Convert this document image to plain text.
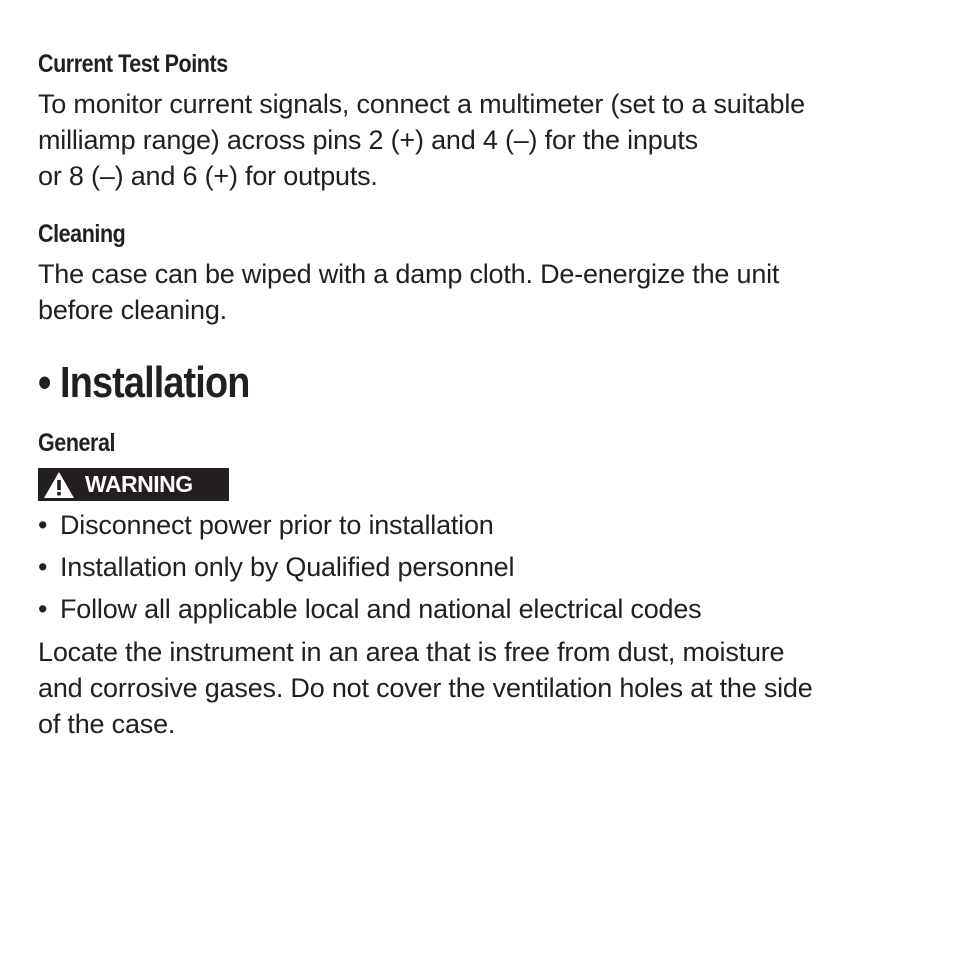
Current Test Points
To monitor current signals, connect a multimeter (set to a suitable
milliamp range) across pins 2 (+) and 4 (–) for the inputs
or 8 (–) and 6 (+) for outputs.
Cleaning
The case can be wiped with a damp cloth. De-energize the unit
before cleaning.
• Installation
General
WARNING
• Disconnect power prior to installation
• Installation only by Qualified personnel
• Follow all applicable local and national electrical codes
Locate the instrument in an area that is free from dust, moisture
and corrosive gases. Do not cover the ventilation holes at the side
of the case.
